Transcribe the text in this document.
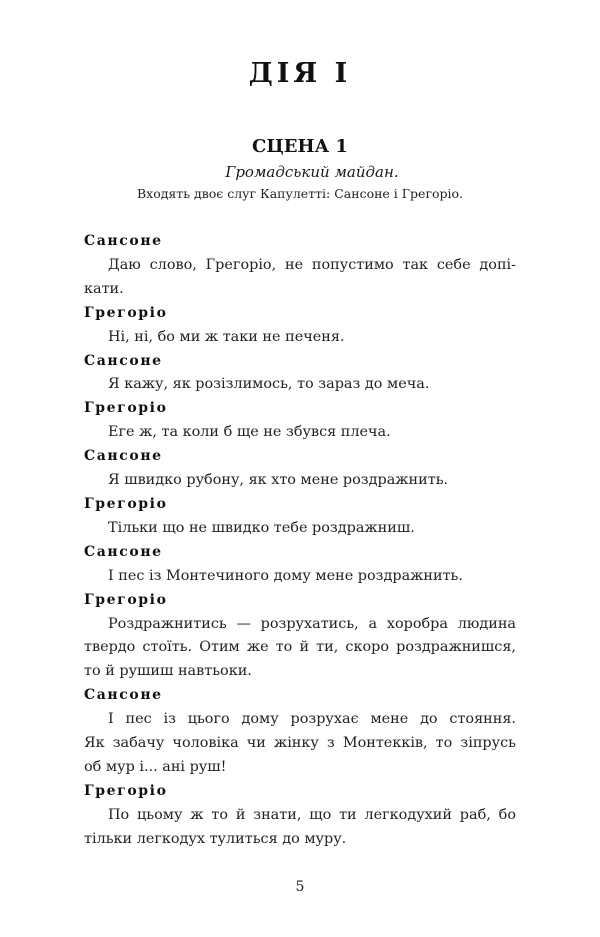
ДІЯ І
СЦЕНА 1
Громадський майдан.
Входять двоє слуг Капулетті: Сансоне і Грегоріо.
Сансоне
Даю слово, Грегоріо, не попустимо так себе допі-
кати.
Грегоріо
Ні, ні, бо ми ж таки не печеня.
Сансоне
Я кажу, як розізлимось, то зараз до меча.
Грегоріо
Еге ж, та коли б ще не збувся плеча.
Сансоне
Я швидко рубону, як хто мене роздражнить.
Грегоріо
Тільки що не швидко тебе роздражниш.
Сансоне
І пес із Монтечиного дому мене роздражнить.
Грегоріо
Роздражнитись — розрухатись, а хоробра людина
твердо стоїть. Отим же то й ти, скоро роздражнишся,
то й рушиш навтьоки.
Сансоне
І пес із цього дому розрухає мене до стояння.
Як забачу чоловіка чи жінку з Монтекків, то зіпрусь
об мур і... ані руш!
Грегоріо
По цьому ж то й знати, що ти легкодухий раб, бо
тільки легкодух тулиться до муру.
5
